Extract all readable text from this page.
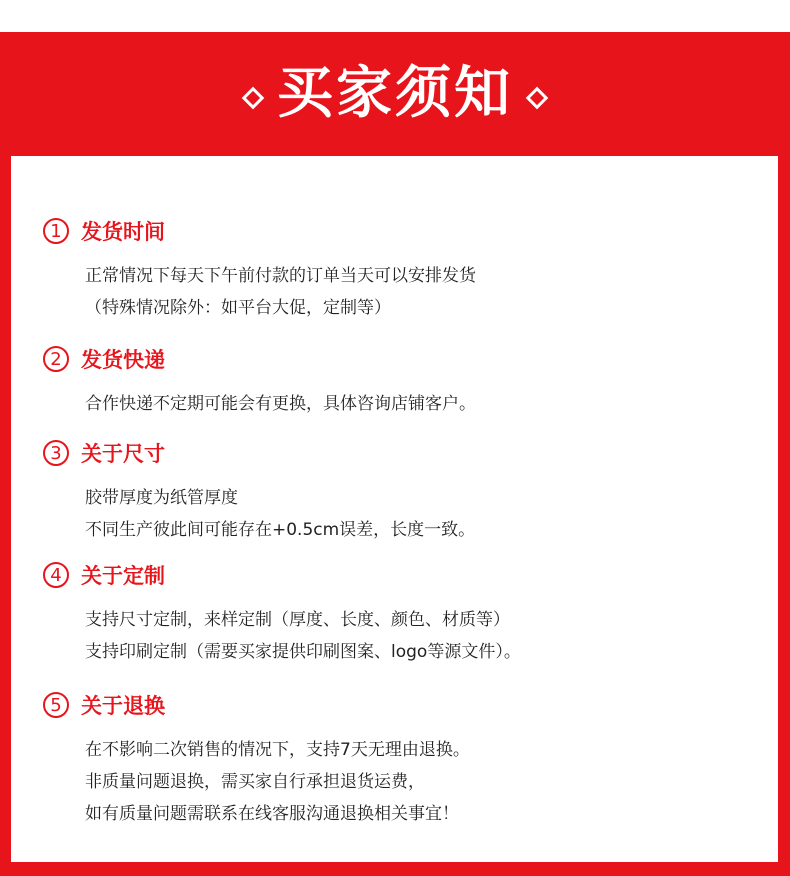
买家须知
1 发货时间
正常情况下每天下午前付款的订单当天可以安排发货
（特殊情况除外：如平台大促，定制等）
2 发货快递
合作快递不定期可能会有更换，具体咨询店铺客户。
3 关于尺寸
胶带厚度为纸管厚度
不同生产彼此间可能存在+0.5cm误差，长度一致。
4 关于定制
支持尺寸定制，来样定制（厚度、长度、颜色、材质等）
支持印刷定制（需要买家提供印刷图案、logo等源文件）。
5 关于退换
在不影响二次销售的情况下，支持7天无理由退换。
非质量问题退换，需买家自行承担退货运费，
如有质量问题需联系在线客服沟通退换相关事宜！
